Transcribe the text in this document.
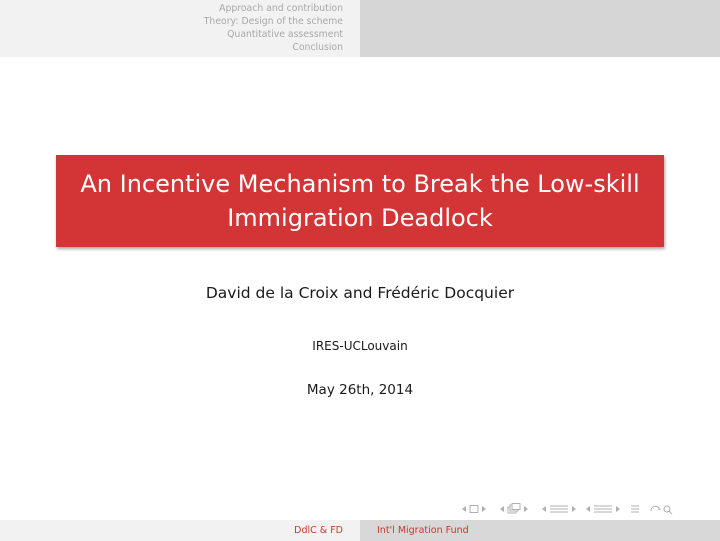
Approach and contribution
Theory: Design of the scheme
Quantitative assessment
Conclusion
An Incentive Mechanism to Break the Low-skill
Immigration Deadlock
David de la Croix and Frédéric Docquier
IRES-UCLouvain
May 26th, 2014
DdlC & FD	Int'l Migration Fund
